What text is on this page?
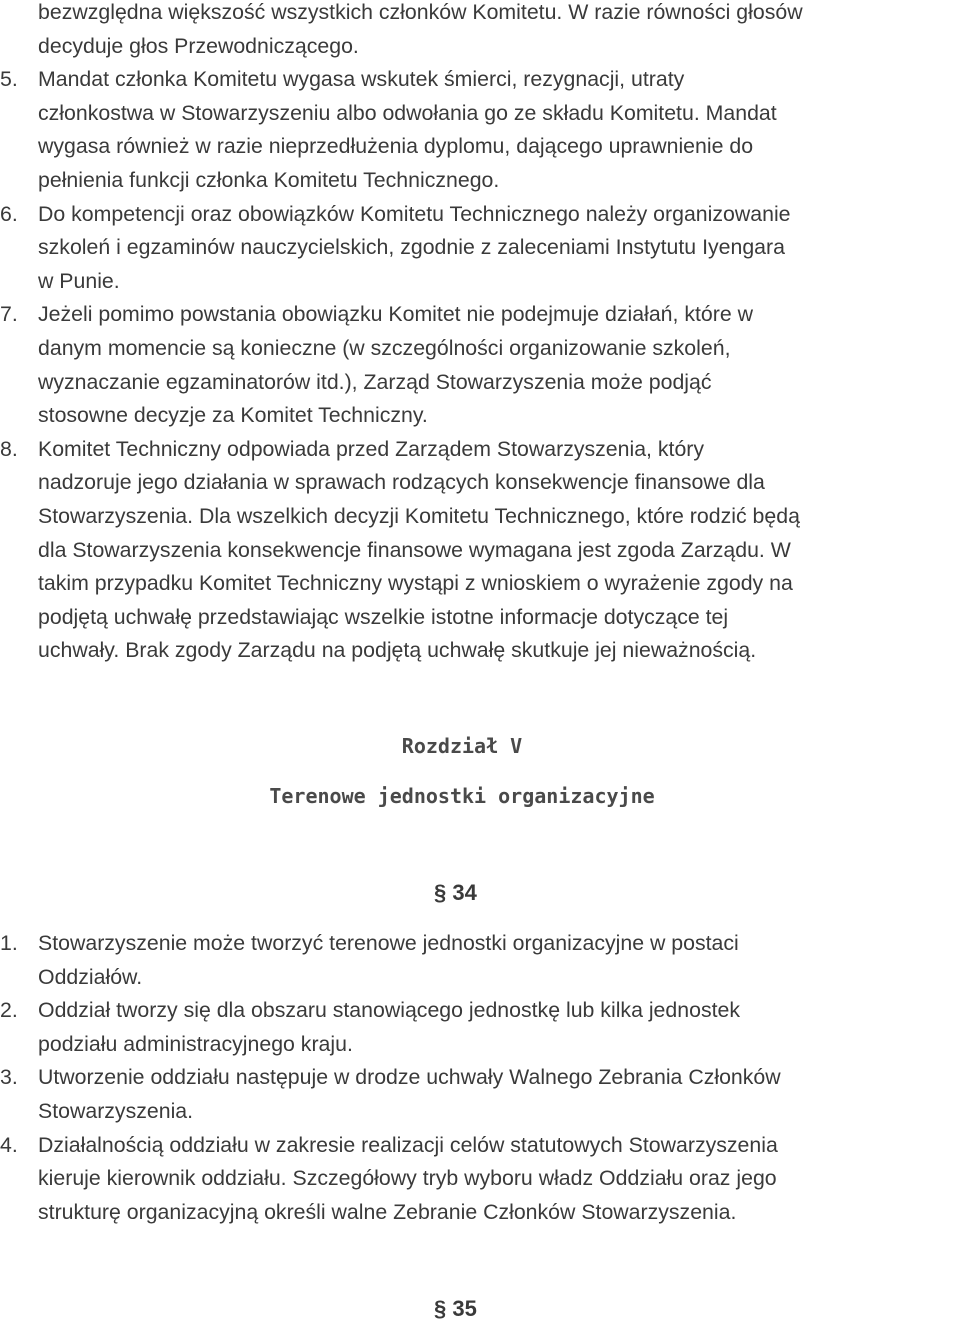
bezwzględna większość wszystkich członków Komitetu. W razie równości głosów
decyduje głos Przewodniczącego.
5. Mandat członka Komitetu wygasa wskutek śmierci, rezygnacji, utraty
członkostwa w Stowarzyszeniu albo odwołania go ze składu Komitetu. Mandat
wygasa również w razie nieprzedłużenia dyplomu, dającego uprawnienie do
pełnienia funkcji członka Komitetu Technicznego.
6. Do kompetencji oraz obowiązków Komitetu Technicznego należy organizowanie
szkoleń i egzaminów nauczycielskich, zgodnie z zaleceniami Instytutu Iyengara
w Punie.
7. Jeżeli pomimo powstania obowiązku Komitet nie podejmuje działań, które w
danym momencie są konieczne (w szczególności organizowanie szkoleń,
wyznaczanie egzaminatorów itd.), Zarząd Stowarzyszenia może podjąć
stosowne decyzje za Komitet Techniczny.
8. Komitet Techniczny odpowiada przed Zarządem Stowarzyszenia, który
nadzoruje jego działania w sprawach rodzących konsekwencje finansowe dla
Stowarzyszenia. Dla wszelkich decyzji Komitetu Technicznego, które rodzić będą
dla Stowarzyszenia konsekwencje finansowe wymagana jest zgoda Zarządu. W
takim przypadku Komitet Techniczny wystąpi z wnioskiem o wyrażenie zgody na
podjętą uchwałę przedstawiając wszelkie istotne informacje dotyczące tej
uchwały. Brak zgody Zarządu na podjętą uchwałę skutkuje jej nieważnością.
Rozdział V
Terenowe jednostki organizacyjne
§ 34
1. Stowarzyszenie może tworzyć terenowe jednostki organizacyjne w postaci
Oddziałów.
2. Oddział tworzy się dla obszaru stanowiącego jednostkę lub kilka jednostek
podziału administracyjnego kraju.
3. Utworzenie oddziału następuje w drodze uchwały Walnego Zebrania Członków
Stowarzyszenia.
4. Działalnością oddziału w zakresie realizacji celów statutowych Stowarzyszenia
kieruje kierownik oddziału. Szczegółowy tryb wyboru władz Oddziału oraz jego
strukturę organizacyjną określi walne Zebranie Członków Stowarzyszenia.
§ 35
